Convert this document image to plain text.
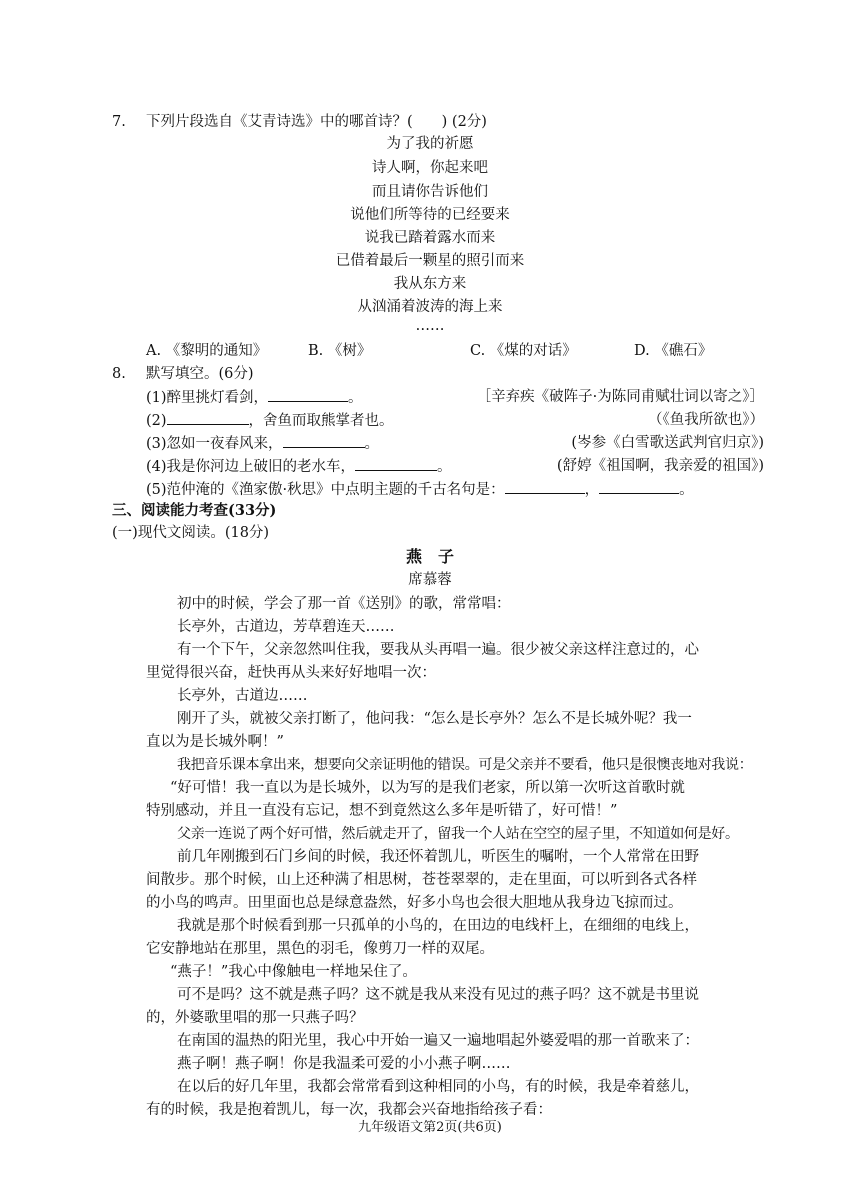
7. 下列片段选自《艾青诗选》中的哪首诗？(　　) (2分)
为了我的祈愿
诗人啊，你起来吧
而且请你告诉他们
说他们所等待的已经要来
说我已踏着露水而来
已借着最后一颗星的照引而来
我从东方来
从汹涌着波涛的海上来
……
A. 《黎明的通知》	B. 《树》	C. 《煤的对话》	D. 《礁石》
8. 默写填空。(6分)
(1)醉里挑灯看剑，	。	［辛弃疾《破阵子·为陈同甫赋壮词以寄之》］
(2)	，舍鱼而取熊掌者也。	（《鱼我所欲也》）
(3)忽如一夜春风来，	。	(岑参《白雪歌送武判官归京》)
(4)我是你河边上破旧的老水车，	。	(舒婷《祖国啊，我亲爱的祖国》)
(5)范仲淹的《渔家傲·秋思》中点明主题的千古名句是：	，	。
三、阅读能力考查(33分)
(一)现代文阅读。(18分)
燕　子
席慕蓉
初中的时候，学会了那一首《送别》的歌，常常唱：
长亭外，古道边，芳草碧连天……
有一个下午，父亲忽然叫住我，要我从头再唱一遍。很少被父亲这样注意过的，心
里觉得很兴奋，赶快再从头来好好地唱一次：
长亭外，古道边……
刚开了头，就被父亲打断了，他问我：“怎么是长亭外？怎么不是长城外呢？我一
直以为是长城外啊！”
我把音乐课本拿出来，想要向父亲证明他的错误。可是父亲并不要看，他只是很懊丧地对我说：
“好可惜！我一直以为是长城外，以为写的是我们老家，所以第一次听这首歌时就
特别感动，并且一直没有忘记，想不到竟然这么多年是听错了，好可惜！”
父亲一连说了两个好可惜，然后就走开了，留我一个人站在空空的屋子里，不知道如何是好。
前几年刚搬到石门乡间的时候，我还怀着凯儿，听医生的嘱咐，一个人常常在田野
间散步。那个时候，山上还种满了相思树，苍苍翠翠的，走在里面，可以听到各式各样
的小鸟的鸣声。田里面也总是绿意盎然，好多小鸟也会很大胆地从我身边飞掠而过。
我就是那个时候看到那一只孤单的小鸟的，在田边的电线杆上，在细细的电线上，
它安静地站在那里，黑色的羽毛，像剪刀一样的双尾。
“燕子！”我心中像触电一样地呆住了。
可不是吗？这不就是燕子吗？这不就是我从来没有见过的燕子吗？这不就是书里说
的，外婆歌里唱的那一只燕子吗？
在南国的温热的阳光里，我心中开始一遍又一遍地唱起外婆爱唱的那一首歌来了：
燕子啊！燕子啊！你是我温柔可爱的小小燕子啊……
在以后的好几年里，我都会常常看到这种相同的小鸟，有的时候，我是牵着慈儿，
有的时候，我是抱着凯儿，每一次，我都会兴奋地指给孩子看：
九年级语文第2页(共6页)
